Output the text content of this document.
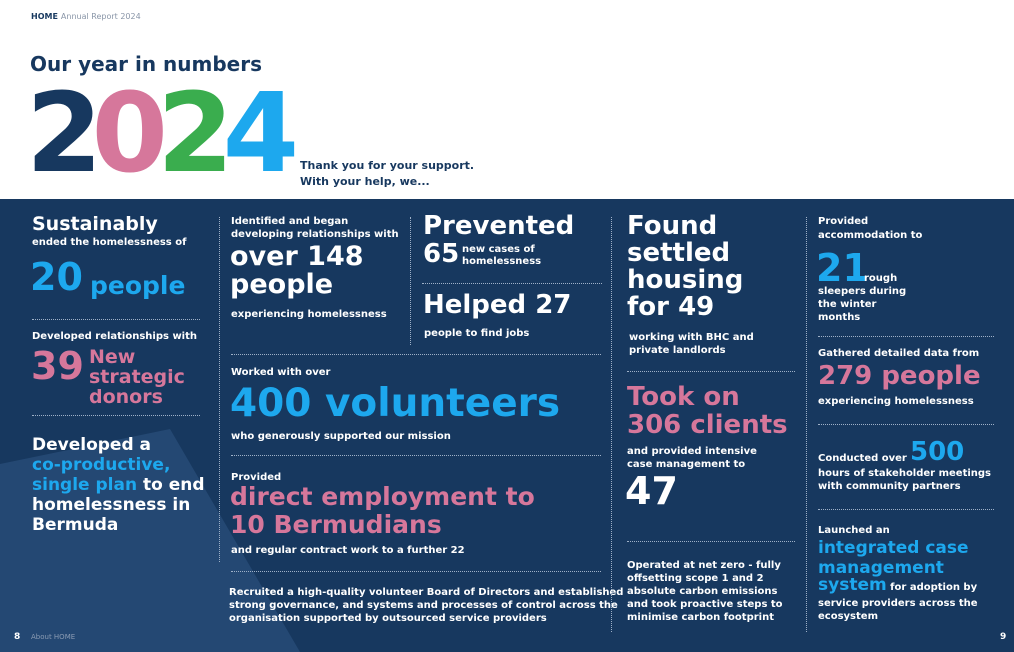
HOME Annual Report 2024
Our year in numbers
2024 Thank you for your support.
With your help, we...
Sustainably
ended the homelessness of
20 people
Developed relationships with
39 New
strategic
donors
Developed a
co-productive,
single plan to end
homelessness in
Bermuda
Identified and began
developing relationships with
over 148
people
experiencing homelessness
Worked with over
400 volunteers
who generously supported our mission
Provided
direct employment to
10 Bermudians
and regular contract work to a further 22
Recruited a high-quality volunteer Board of Directors and established
strong governance, and systems and processes of control across the
organisation supported by outsourced service providers
Prevented
65 new cases of
homelessness
Helped 27
people to find jobs
Found
settled
housing
for 49
working with BHC and
private landlords
Took on
306 clients
and provided intensive
case management to
47
Operated at net zero - fully
offsetting scope 1 and 2
absolute carbon emissions
and took proactive steps to
minimise carbon footprint
Provided
accommodation to
21
rough
sleepers during
the winter
months
Gathered detailed data from
279 people
experiencing homelessness
Conducted over 500
hours of stakeholder meetings
with community partners
Launched an
integrated case
management
system for adoption by
service providers across the
ecosystem
8 About HOME	9
